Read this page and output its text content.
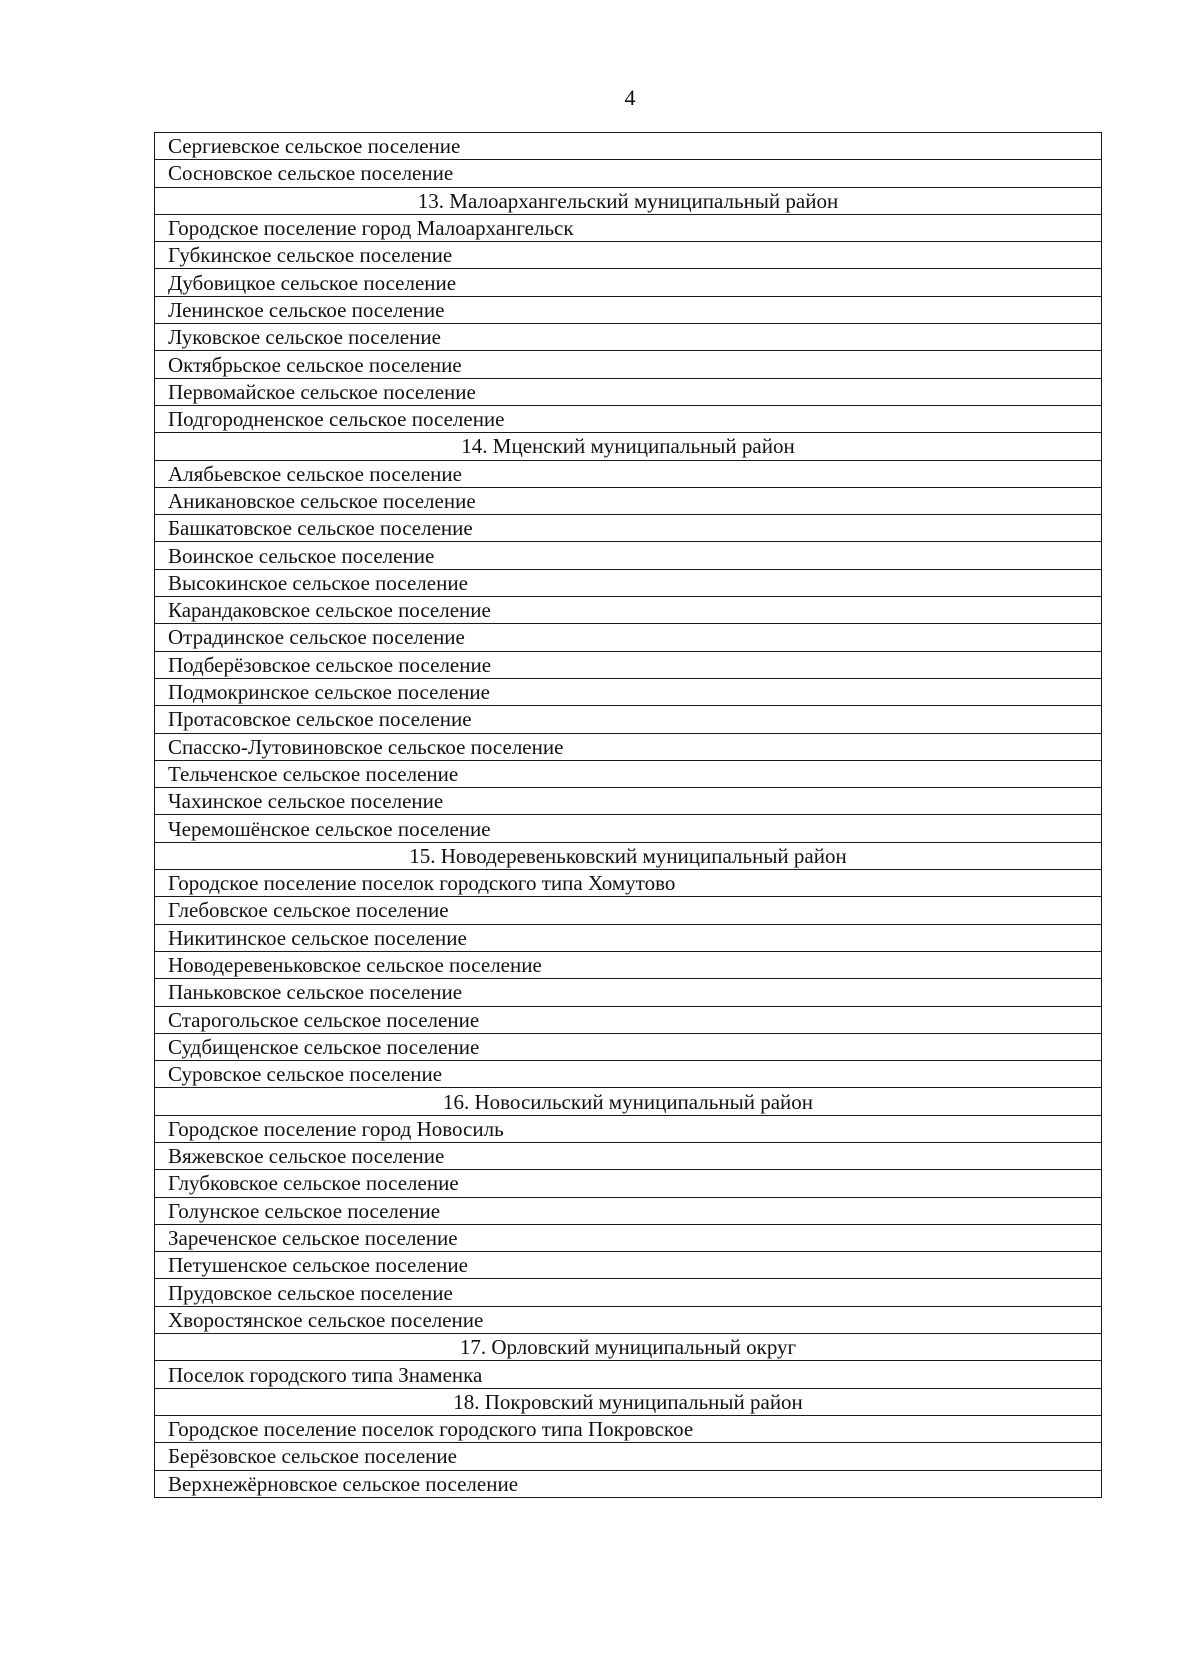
4
Сергиевское сельское поселение
Сосновское сельское поселение
13. Малоархангельский муниципальный район
Городское поселение город Малоархангельск
Губкинское сельское поселение
Дубовицкое сельское поселение
Ленинское сельское поселение
Луковское сельское поселение
Октябрьское сельское поселение
Первомайское сельское поселение
Подгородненское сельское поселение
14. Мценский муниципальный район
Алябьевское сельское поселение
Аникановское сельское поселение
Башкатовское сельское поселение
Воинское сельское поселение
Высокинское сельское поселение
Карандаковское сельское поселение
Отрадинское сельское поселение
Подберёзовское сельское поселение
Подмокринское сельское поселение
Протасовское сельское поселение
Спасско-Лутовиновское сельское поселение
Тельченское сельское поселение
Чахинское сельское поселение
Черемошёнское сельское поселение
15. Новодеревеньковский муниципальный район
Городское поселение поселок городского типа Хомутово
Глебовское сельское поселение
Никитинское сельское поселение
Новодеревеньковское сельское поселение
Паньковское сельское поселение
Старогольское сельское поселение
Судбищенское сельское поселение
Суровское сельское поселение
16. Новосильский муниципальный район
Городское поселение город Новосиль
Вяжевское сельское поселение
Глубковское сельское поселение
Голунское сельское поселение
Зареченское сельское поселение
Петушенское сельское поселение
Прудовское сельское поселение
Хворостянское сельское поселение
17. Орловский муниципальный округ
Поселок городского типа Знаменка
18. Покровский муниципальный район
Городское поселение поселок городского типа Покровское
Берёзовское сельское поселение
Верхнежёрновское сельское поселение
